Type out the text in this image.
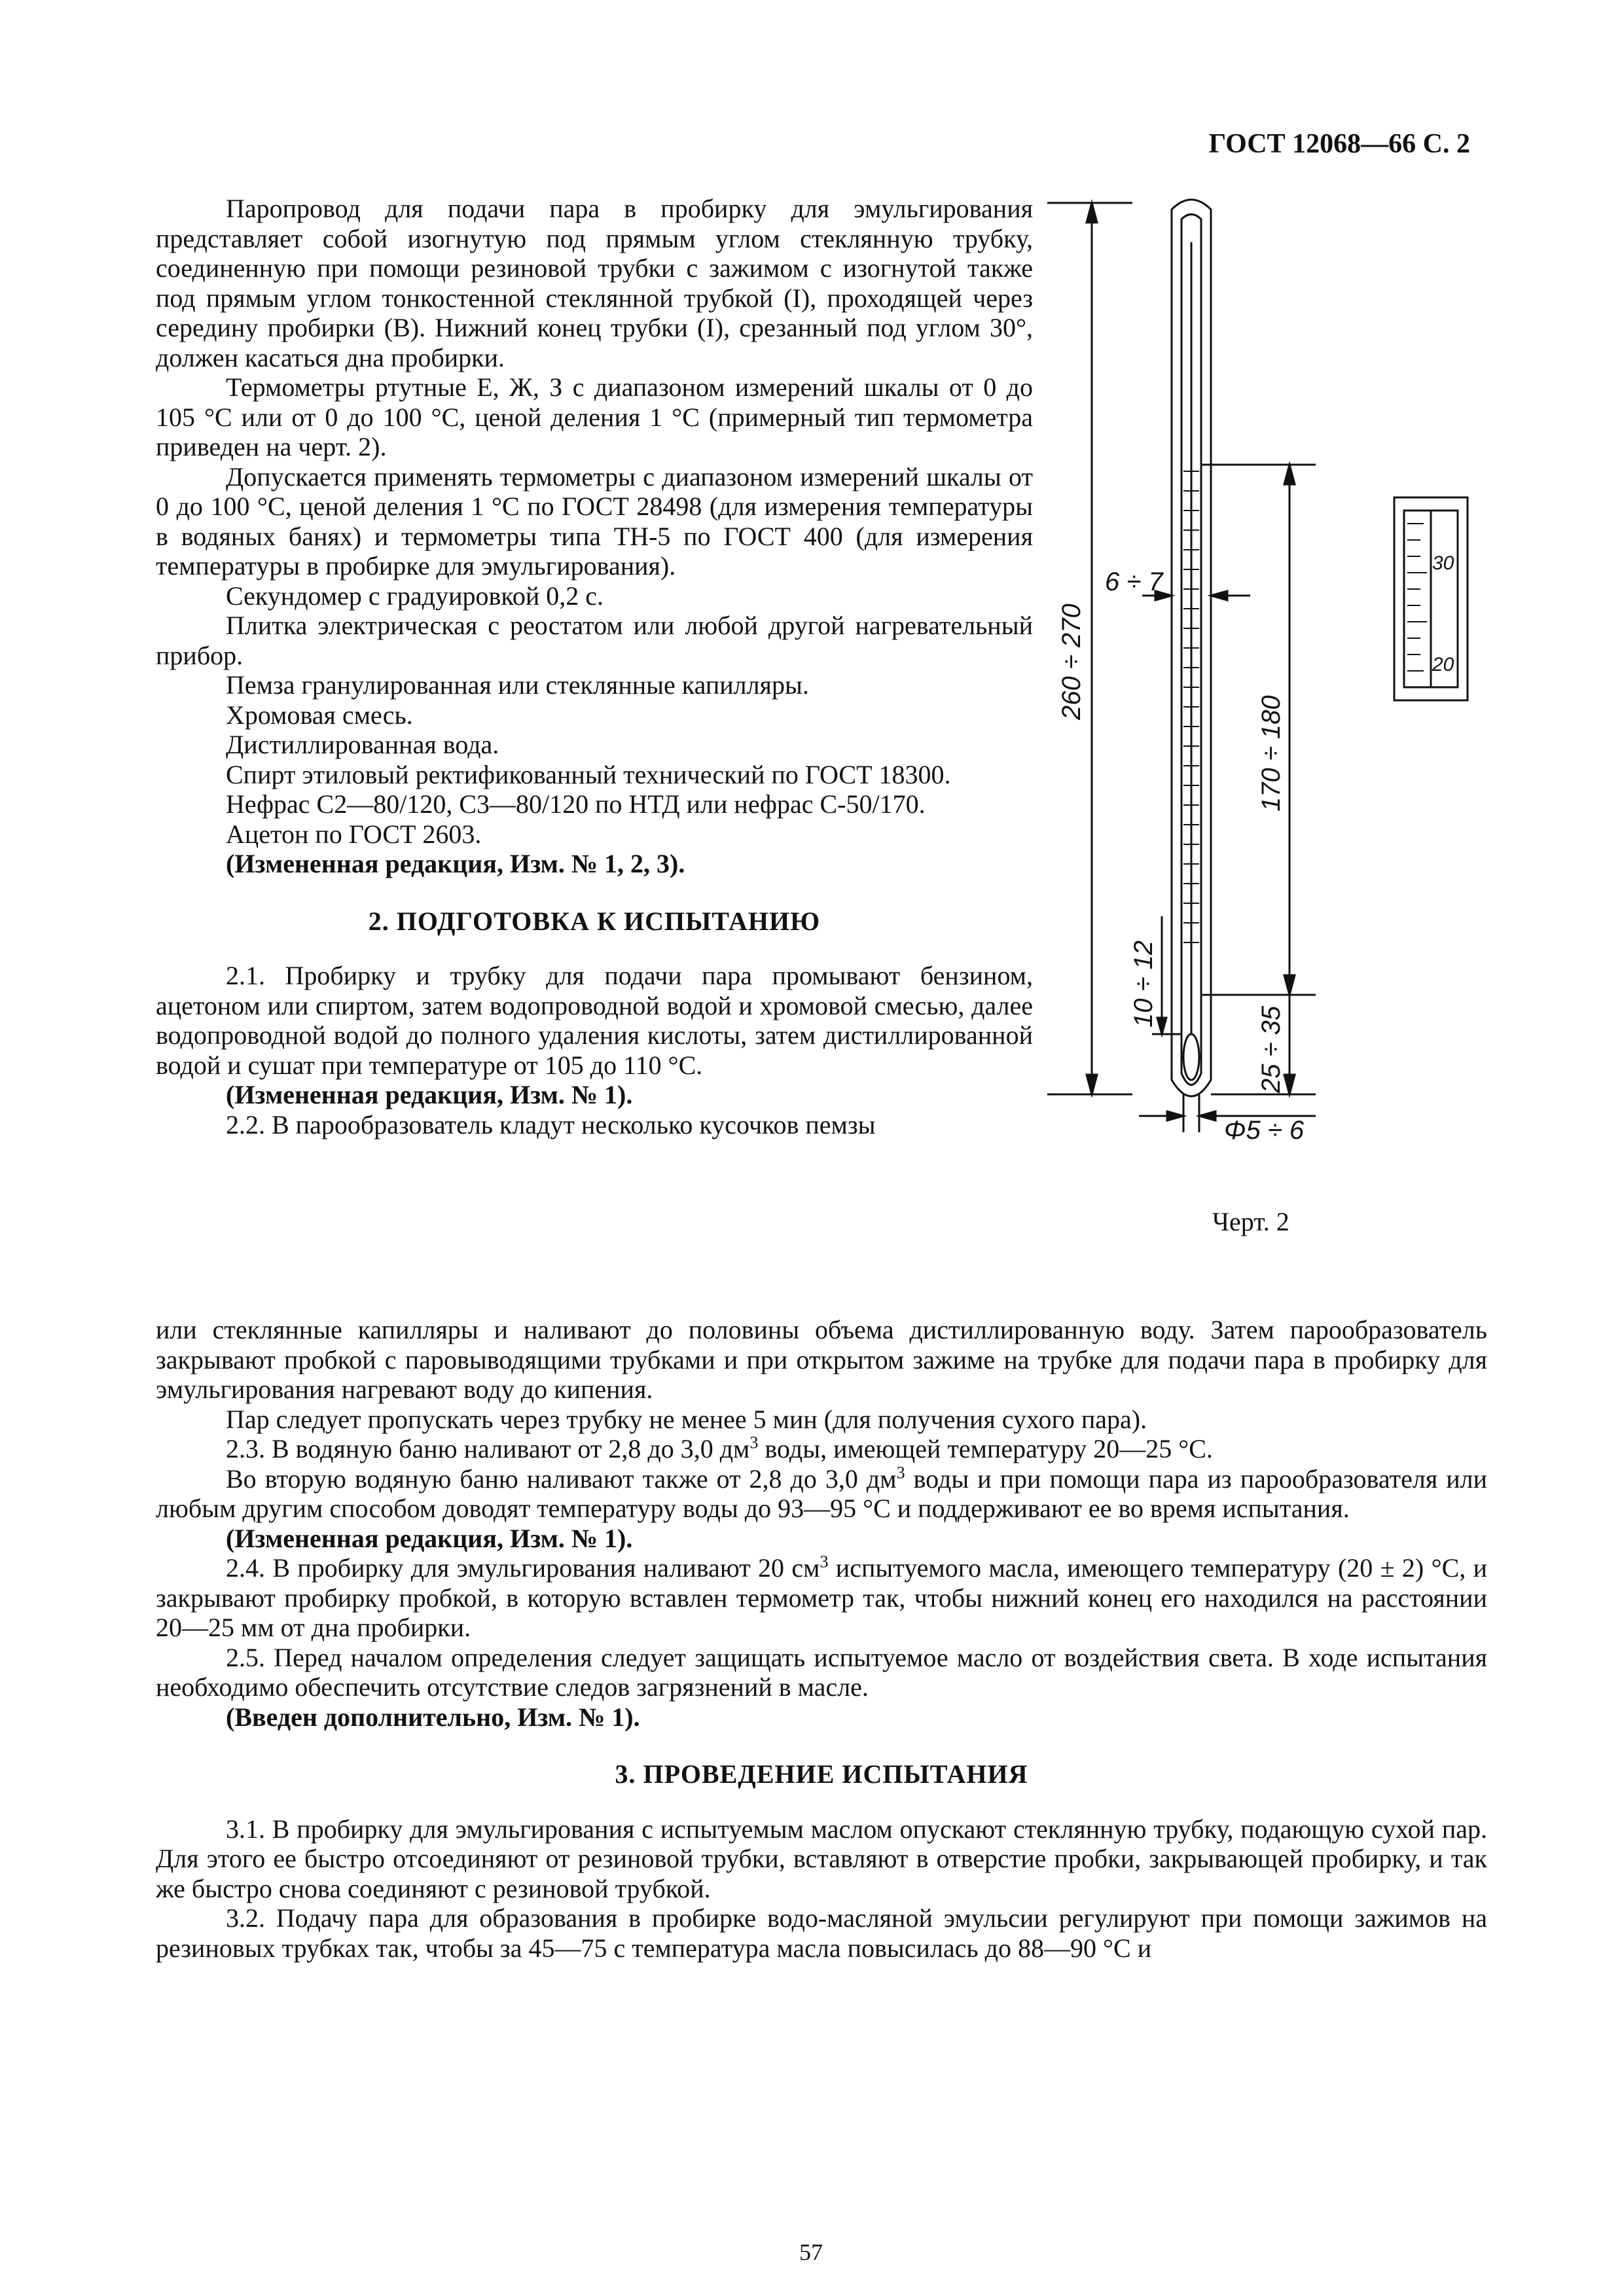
ГОСТ 12068—66 С. 2

Паропровод для подачи пара в пробирку для эмульгирования представляет собой изогнутую под прямым углом стеклянную трубку, соединенную при помощи резиновой трубки с зажимом с изогнутой также под прямым углом тонкостенной стеклянной трубкой (I), проходящей через середину пробирки (B). Нижний конец трубки (I), срезанный под углом 30°, должен касаться дна пробирки.

Термометры ртутные E, Ж, З с диапазоном измерений шкалы от 0 до 105 °С или от 0 до 100 °С, ценой деления 1 °С (примерный тип термометра приведен на черт. 2).

Допускается применять термометры с диапазоном измерений шкалы от 0 до 100 °С, ценой деления 1 °С по ГОСТ 28498 (для измерения температуры в водяных банях) и термометры типа ТН-5 по ГОСТ 400 (для измерения температуры в пробирке для эмульгирования).

Секундомер с градуировкой 0,2 с.

Плитка электрическая с реостатом или любой другой нагревательный прибор.

Пемза гранулированная или стеклянные капилляры.

Хромовая смесь.

Дистиллированная вода.

Спирт этиловый ректификованный технический по ГОСТ 18300.

Нефрас С2—80/120, С3—80/120 по НТД или нефрас С-50/170.

Ацетон по ГОСТ 2603.

(Измененная редакция, Изм. № 1, 2, 3).

2. ПОДГОТОВКА К ИСПЫТАНИЮ

2.1. Пробирку и трубку для подачи пара промывают бензином, ацетоном или спиртом, затем водопроводной водой и хромовой смесью, далее водопроводной водой до полного удаления кислоты, затем дистиллированной водой и сушат при температуре от 105 до 110 °С.

(Измененная редакция, Изм. № 1).

2.2. В парообразователь кладут несколько кусочков пемзы

или стеклянные капилляры и наливают до половины объема дистиллированную воду. Затем парообразователь закрывают пробкой с паровыводящими трубками и при открытом зажиме на трубке для подачи пара в пробирку для эмульгирования нагревают воду до кипения.

Пар следует пропускать через трубку не менее 5 мин (для получения сухого пара).

2.3. В водяную баню наливают от 2,8 до 3,0 $дм^3$ воды, имеющей температуру 20—25 °С.

Во вторую водяную баню наливают также от 2,8 до 3,0 $дм^3$ воды и при помощи пара из парообразователя или любым другим способом доводят температуру воды до 93—95 °С и поддерживают ее во время испытания.

(Измененная редакция, Изм. № 1).

2.4. В пробирку для эмульгирования наливают 20 $см^3$ испытуемого масла, имеющего температуру (20 ± 2) °С, и закрывают пробирку пробкой, в которую вставлен термометр так, чтобы нижний конец его находился на расстоянии 20—25 мм от дна пробирки.

2.5. Перед началом определения следует защищать испытуемое масло от воздействия света. В ходе испытания необходимо обеспечить отсутствие следов загрязнений в масле.

(Введен дополнительно, Изм. № 1).

3. ПРОВЕДЕНИЕ ИСПЫТАНИЯ

3.1. В пробирку для эмульгирования с испытуемым маслом опускают стеклянную трубку, подающую сухой пар. Для этого ее быстро отсоединяют от резиновой трубки, вставляют в отверстие пробки, закрывающей пробирку, и так же быстро снова соединяют с резиновой трубкой.

3.2. Подачу пара для образования в пробирке водо-масляной эмульсии регулируют при помощи зажимов на резиновых трубках так, чтобы за 45—75 с температура масла повысилась до 88—90 °С и

260 ÷ 270
6 ÷ 7
170 ÷ 180
10 ÷ 12
25 ÷ 35
Φ5 ÷ 6
30
20
Черт. 2
57
